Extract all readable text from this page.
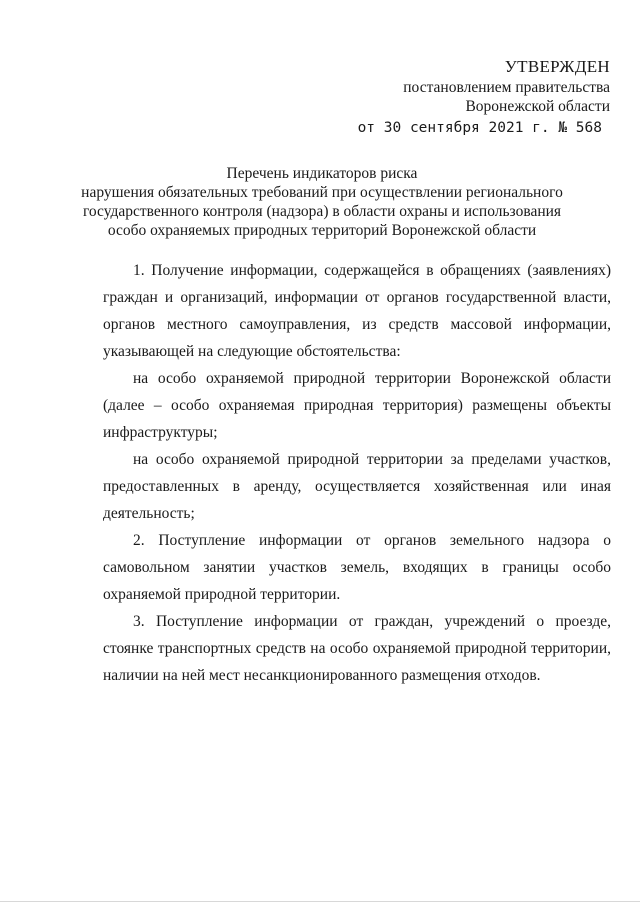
УТВЕРЖДЕН
постановлением правительства
Воронежской области
от 30 сентября 2021 г. № 568
Перечень индикаторов риска
нарушения обязательных требований при осуществлении регионального
государственного контроля (надзора) в области охраны и использования
особо охраняемых природных территорий Воронежской области

1. Получение информации, содержащейся в обращениях (заявлениях) граждан и организаций, информации от органов государственной власти, органов местного самоуправления, из средств массовой информации, указывающей на следующие обстоятельства:

на особо охраняемой природной территории Воронежской области (далее – особо охраняемая природная территория) размещены объекты инфраструктуры;

на особо охраняемой природной территории за пределами участков, предоставленных в аренду, осуществляется хозяйственная или иная деятельность;

2. Поступление информации от органов земельного надзора о самовольном занятии участков земель, входящих в границы особо охраняемой природной территории.

3. Поступление информации от граждан, учреждений о проезде, стоянке транспортных средств на особо охраняемой природной территории, наличии на ней мест несанкционированного размещения отходов.
